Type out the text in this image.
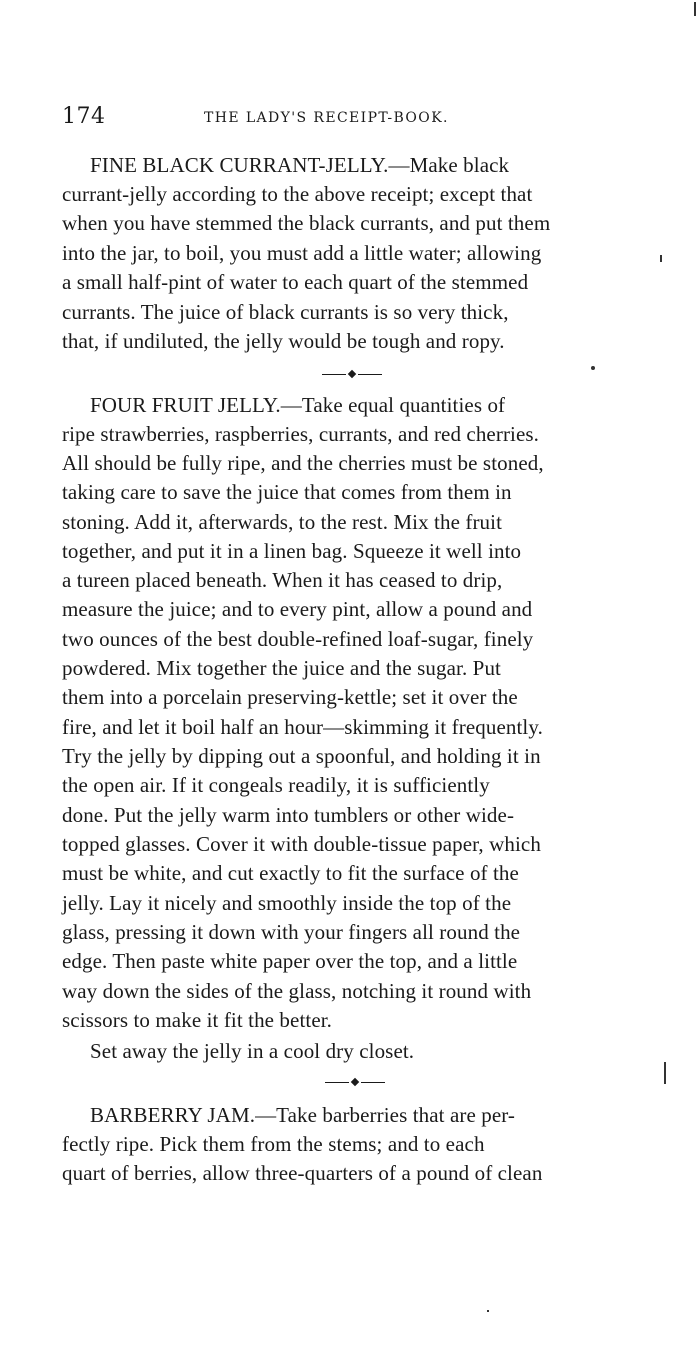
174	THE LADY'S RECEIPT-BOOK.
FINE BLACK CURRANT-JELLY.—Make black
currant-jelly according to the above receipt; except that
when you have stemmed the black currants, and put them
into the jar, to boil, you must add a little water; allowing
a small half-pint of water to each quart of the stemmed
currants. The juice of black currants is so very thick,
that, if undiluted, the jelly would be tough and ropy.
FOUR FRUIT JELLY.—Take equal quantities of
ripe strawberries, raspberries, currants, and red cherries.
All should be fully ripe, and the cherries must be stoned,
taking care to save the juice that comes from them in
stoning. Add it, afterwards, to the rest. Mix the fruit
together, and put it in a linen bag. Squeeze it well into
a tureen placed beneath. When it has ceased to drip,
measure the juice; and to every pint, allow a pound and
two ounces of the best double-refined loaf-sugar, finely
powdered. Mix together the juice and the sugar. Put
them into a porcelain preserving-kettle; set it over the
fire, and let it boil half an hour—skimming it frequently.
Try the jelly by dipping out a spoonful, and holding it in
the open air. If it congeals readily, it is sufficiently
done. Put the jelly warm into tumblers or other wide-
topped glasses. Cover it with double-tissue paper, which
must be white, and cut exactly to fit the surface of the
jelly. Lay it nicely and smoothly inside the top of the
glass, pressing it down with your fingers all round the
edge. Then paste white paper over the top, and a little
way down the sides of the glass, notching it round with
scissors to make it fit the better.
Set away the jelly in a cool dry closet.
BARBERRY JAM.—Take barberries that are per-
fectly ripe. Pick them from the stems; and to each
quart of berries, allow three-quarters of a pound of clean
